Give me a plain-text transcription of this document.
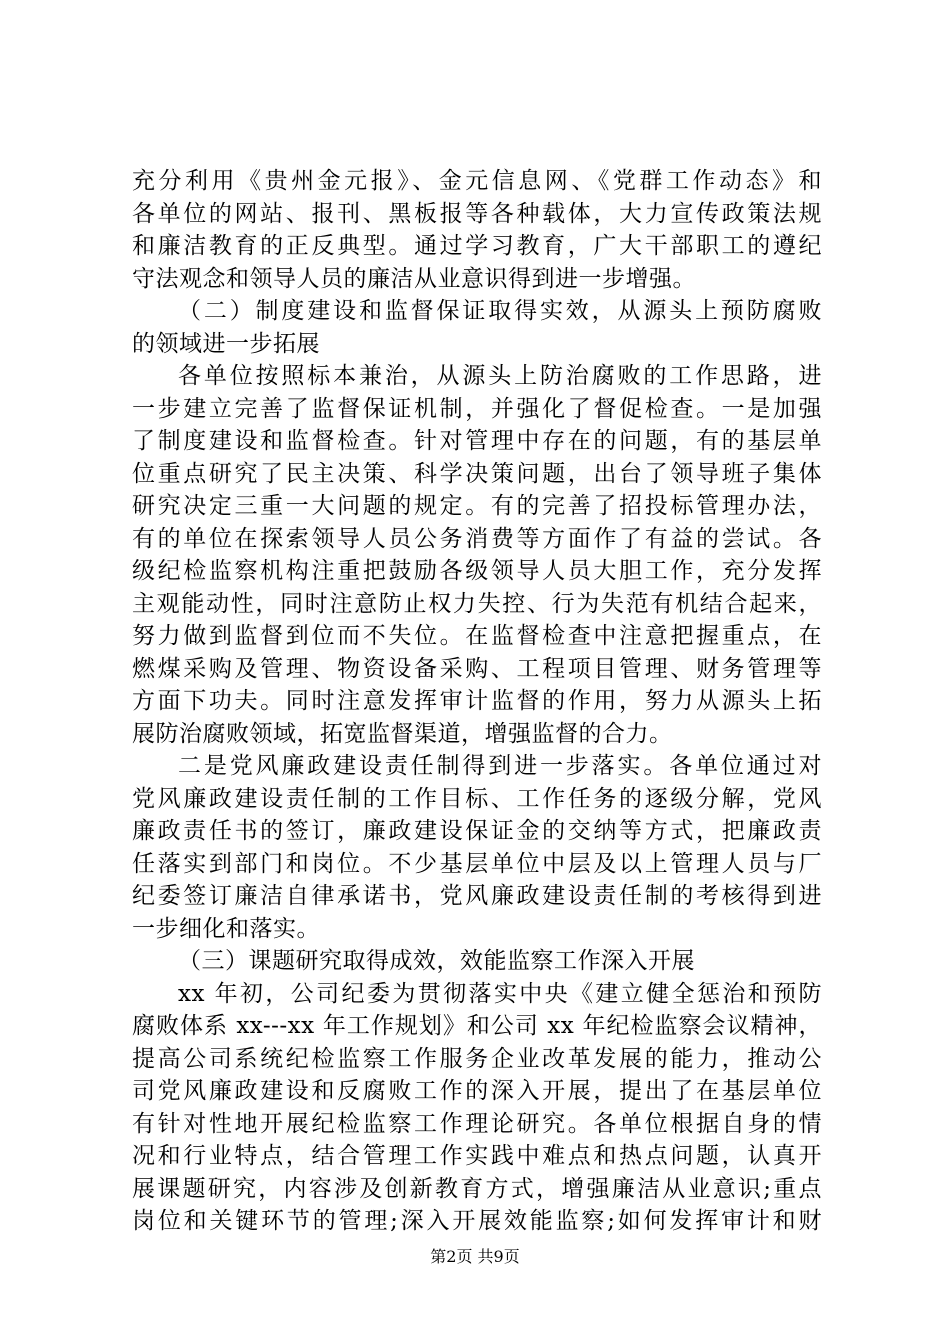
充分利用《贵州金元报》、金元信息网、《党群工作动态》和
各单位的网站、报刊、黑板报等各种载体，大力宣传政策法规
和廉洁教育的正反典型。通过学习教育，广大干部职工的遵纪
守法观念和领导人员的廉洁从业意识得到进一步增强。
（二）制度建设和监督保证取得实效，从源头上预防腐败
的领域进一步拓展
各单位按照标本兼治，从源头上防治腐败的工作思路，进
一步建立完善了监督保证机制，并强化了督促检查。一是加强
了制度建设和监督检查。针对管理中存在的问题，有的基层单
位重点研究了民主决策、科学决策问题，出台了领导班子集体
研究决定三重一大问题的规定。有的完善了招投标管理办法，
有的单位在探索领导人员公务消费等方面作了有益的尝试。各
级纪检监察机构注重把鼓励各级领导人员大胆工作，充分发挥
主观能动性，同时注意防止权力失控、行为失范有机结合起来，
努力做到监督到位而不失位。在监督检查中注意把握重点，在
燃煤采购及管理、物资设备采购、工程项目管理、财务管理等
方面下功夫。同时注意发挥审计监督的作用，努力从源头上拓
展防治腐败领域，拓宽监督渠道，增强监督的合力。
二是党风廉政建设责任制得到进一步落实。各单位通过对
党风廉政建设责任制的工作目标、工作任务的逐级分解，党风
廉政责任书的签订，廉政建设保证金的交纳等方式，把廉政责
任落实到部门和岗位。不少基层单位中层及以上管理人员与厂
纪委签订廉洁自律承诺书，党风廉政建设责任制的考核得到进
一步细化和落实。
（三）课题研究取得成效，效能监察工作深入开展
xx 年初，公司纪委为贯彻落实中央《建立健全惩治和预防
腐败体系 xx---xx 年工作规划》和公司 xx 年纪检监察会议精神，
提高公司系统纪检监察工作服务企业改革发展的能力，推动公
司党风廉政建设和反腐败工作的深入开展，提出了在基层单位
有针对性地开展纪检监察工作理论研究。各单位根据自身的情
况和行业特点，结合管理工作实践中难点和热点问题，认真开
展课题研究，内容涉及创新教育方式，增强廉洁从业意识;重点
岗位和关键环节的管理;深入开展效能监察;如何发挥审计和财
第2页 共9页
